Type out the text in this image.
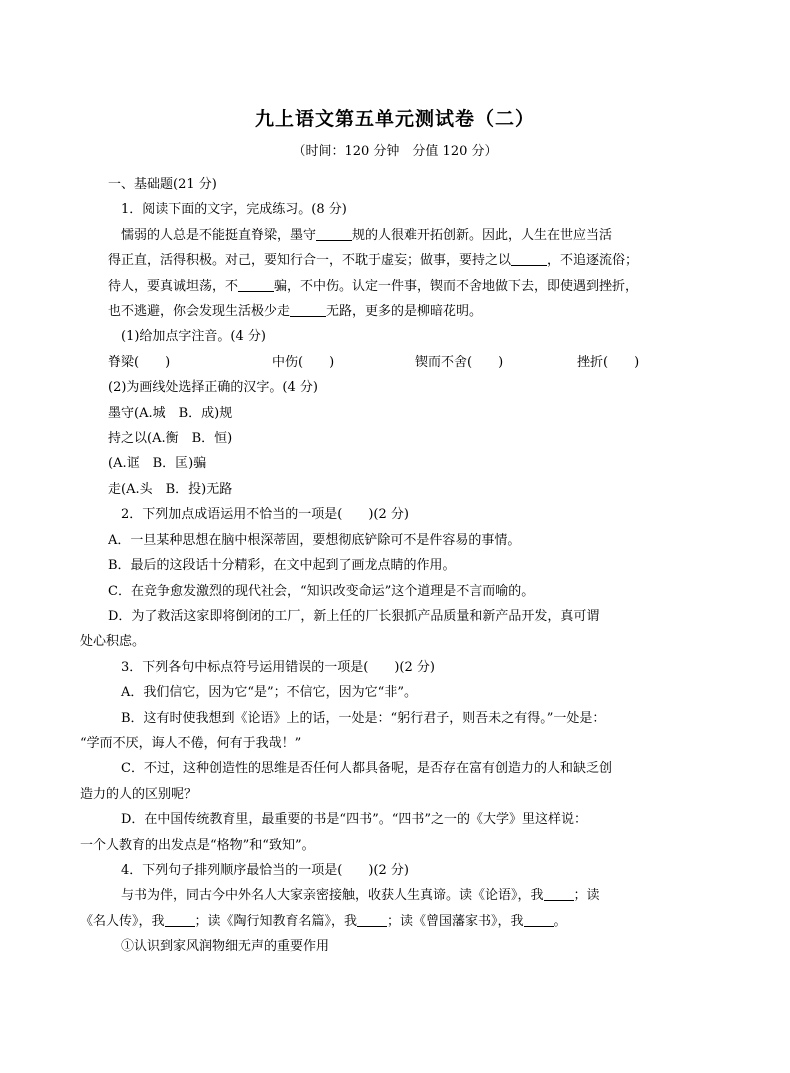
九上语文第五单元测试卷（二）
（时间：120 分钟　分值 120 分）
一、基础题(21 分)
1．阅读下面的文字，完成练习。(8 分)
懦弱的人总是不能挺直脊梁，墨守	规的人很难开拓创新。因此，人生在世应当活
得正直，活得积极。对己，要知行合一，不耽于虚妄；做事，要持之以	，不追逐流俗；
待人，要真诚坦荡，不	骗，不中伤。认定一件事，锲而不舍地做下去，即使遇到挫折，
也不逃避，你会发现生活极少走	无路，更多的是柳暗花明。
(1)给加点字注音。(4 分)
脊梁(　　)	中伤(　　)	锲而不舍(　　)	挫折(　　)
(2)为画线处选择正确的汉字。(4 分)
墨守(A.城　B．成)规
持之以(A.衡　B．恒)
(A.诓　B．匡)骗
走(A.头　B．投)无路
2．下列加点成语运用不恰当的一项是(　　)(2 分)
A．一旦某种思想在脑中根深蒂固，要想彻底铲除可不是件容易的事情。
B．最后的这段话十分精彩，在文中起到了画龙点睛的作用。
C．在竞争愈发激烈的现代社会，“知识改变命运”这个道理是不言而喻的。
D．为了救活这家即将倒闭的工厂，新上任的厂长狠抓产品质量和新产品开发，真可谓
处心积虑。
3．下列各句中标点符号运用错误的一项是(　　)(2 分)
A．我们信它，因为它“是”；不信它，因为它“非”。
B．这有时使我想到《论语》上的话，一处是：“躬行君子，则吾未之有得。”一处是：
“学而不厌，诲人不倦，何有于我哉！”
C．不过，这种创造性的思维是否任何人都具备呢，是否存在富有创造力的人和缺乏创
造力的人的区别呢？
D．在中国传统教育里，最重要的书是“四书”。“四书”之一的《大学》里这样说：
一个人教育的出发点是“格物”和“致知”。
4．下列句子排列顺序最恰当的一项是(　　)(2 分)
与书为伴，同古今中外名人大家亲密接触，收获人生真谛。读《论语》，我 ；读
《名人传》，我 ；读《陶行知教育名篇》，我 ；读《曾国藩家书》，我 。
①认识到家风润物细无声的重要作用
